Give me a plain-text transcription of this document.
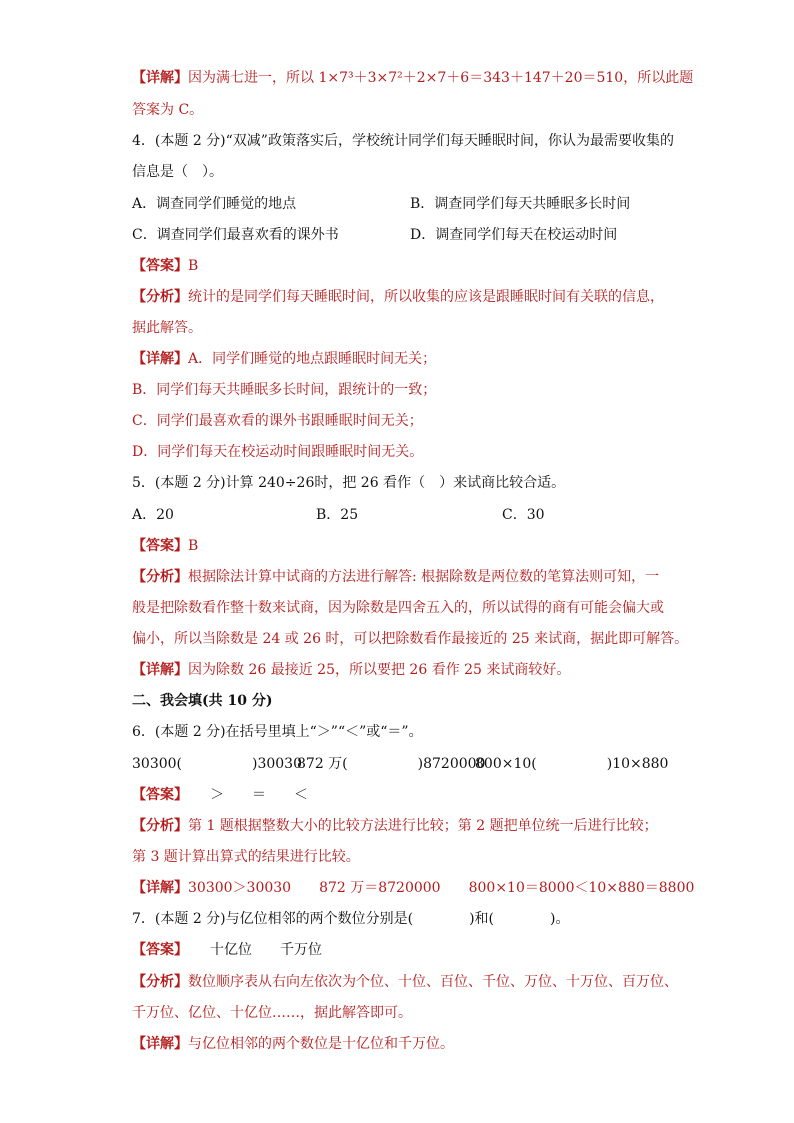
【详解】因为满七进一，所以 1×7³＋3×7²＋2×7＋6＝343＋147＋20＝510，所以此题
答案为 C。
4．(本题 2 分)“双减”政策落实后，学校统计同学们每天睡眠时间，你认为最需要收集的
信息是（　）。
A．调查同学们睡觉的地点	B．调查同学们每天共睡眠多长时间
C．调查同学们最喜欢看的课外书	D．调查同学们每天在校运动时间
【答案】B
【分析】统计的是同学们每天睡眠时间，所以收集的应该是跟睡眠时间有关联的信息，
据此解答。
【详解】A．同学们睡觉的地点跟睡眠时间无关；
B．同学们每天共睡眠多长时间，跟统计的一致；
C．同学们最喜欢看的课外书跟睡眠时间无关；
D．同学们每天在校运动时间跟睡眠时间无关。
5．(本题 2 分)计算 240÷26时，把 26 看作（　）来试商比较合适。
A．20	B．25	C．30
【答案】B
【分析】根据除法计算中试商的方法进行解答: 根据除数是两位数的笔算法则可知，一
般是把除数看作整十数来试商，因为除数是四舍五入的，所以试得的商有可能会偏大或
偏小，所以当除数是 24 或 26 时，可以把除数看作最接近的 25 来试商，据此即可解答。
【详解】因为除数 26 最接近 25，所以要把 26 看作 25 来试商较好。
二、我会填(共 10 分)
6．(本题 2 分)在括号里填上“＞”“＜”或“＝”。
30300(　　　　　)30030
872 万(　　　　　)8720000
800×10(　　　　　)10×880
【答案】 ＞　　＝　　＜
【分析】第 1 题根据整数大小的比较方法进行比较；第 2 题把单位统一后进行比较；
第 3 题计算出算式的结果进行比较。
【详解】30300＞30030　　872 万＝8720000　　800×10＝8000＜10×880＝8800
7．(本题 2 分)与亿位相邻的两个数位分别是(　　　　)和(　　　　)。
【答案】 十亿位　　千万位
【分析】数位顺序表从右向左依次为个位、十位、百位、千位、万位、十万位、百万位、
千万位、亿位、十亿位……，据此解答即可。
【详解】与亿位相邻的两个数位是十亿位和千万位。
